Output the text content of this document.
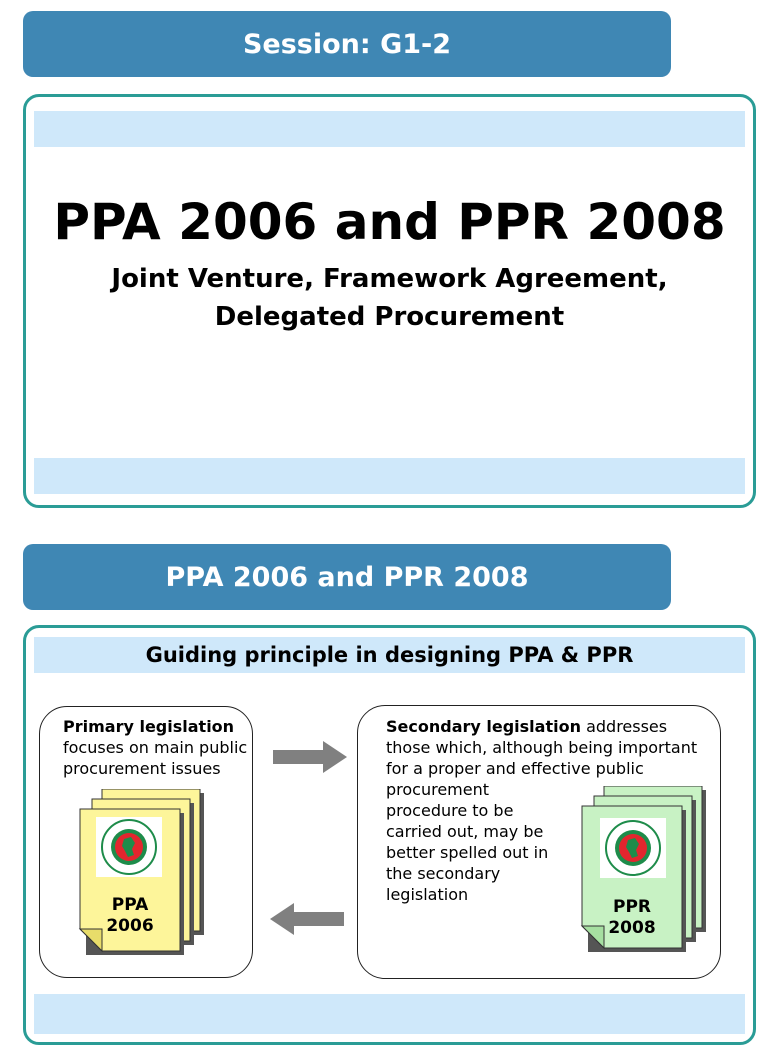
Session: G1-2
PPA 2006 and PPR 2008
Joint Venture, Framework Agreement,
Delegated Procurement
PPA 2006 and PPR 2008
Guiding principle in designing PPA & PPR
Primary legislation
focuses on main public
procurement issues
PPA
2006
Secondary legislation addresses
those which, although being important
for a proper and effective public
procurement
procedure to be
carried out, may be
better spelled out in
the secondary
legislation
PPR
2008
